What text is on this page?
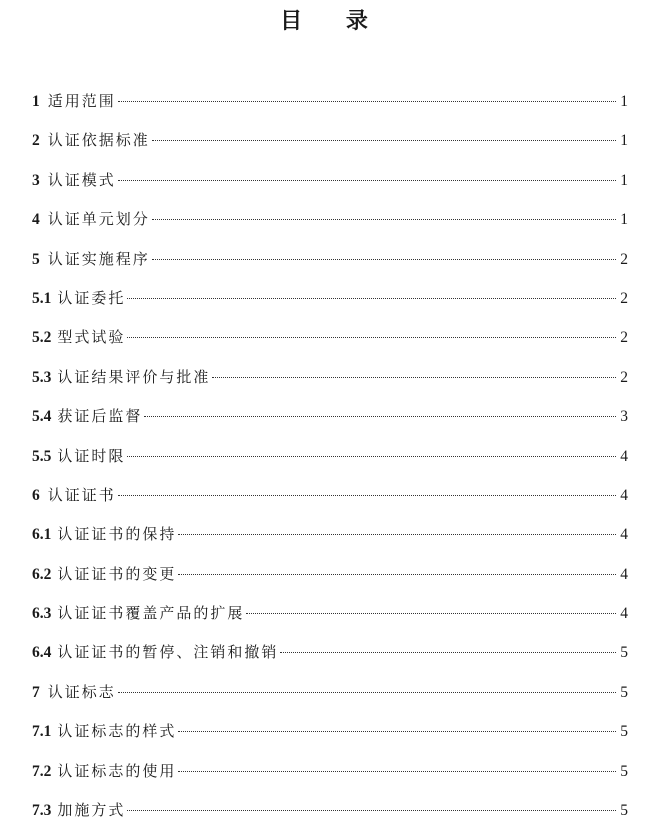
目 录
1 适用范围	1
2 认证依据标准	1
3 认证模式	1
4 认证单元划分	1
5 认证实施程序	2
5.1 认证委托	2
5.2 型式试验	2
5.3 认证结果评价与批准	2
5.4 获证后监督	3
5.5 认证时限	4
6 认证证书	4
6.1 认证证书的保持	4
6.2 认证证书的变更	4
6.3 认证证书覆盖产品的扩展	4
6.4 认证证书的暂停、注销和撤销	5
7 认证标志	5
7.1 认证标志的样式	5
7.2 认证标志的使用	5
7.3 加施方式	5
